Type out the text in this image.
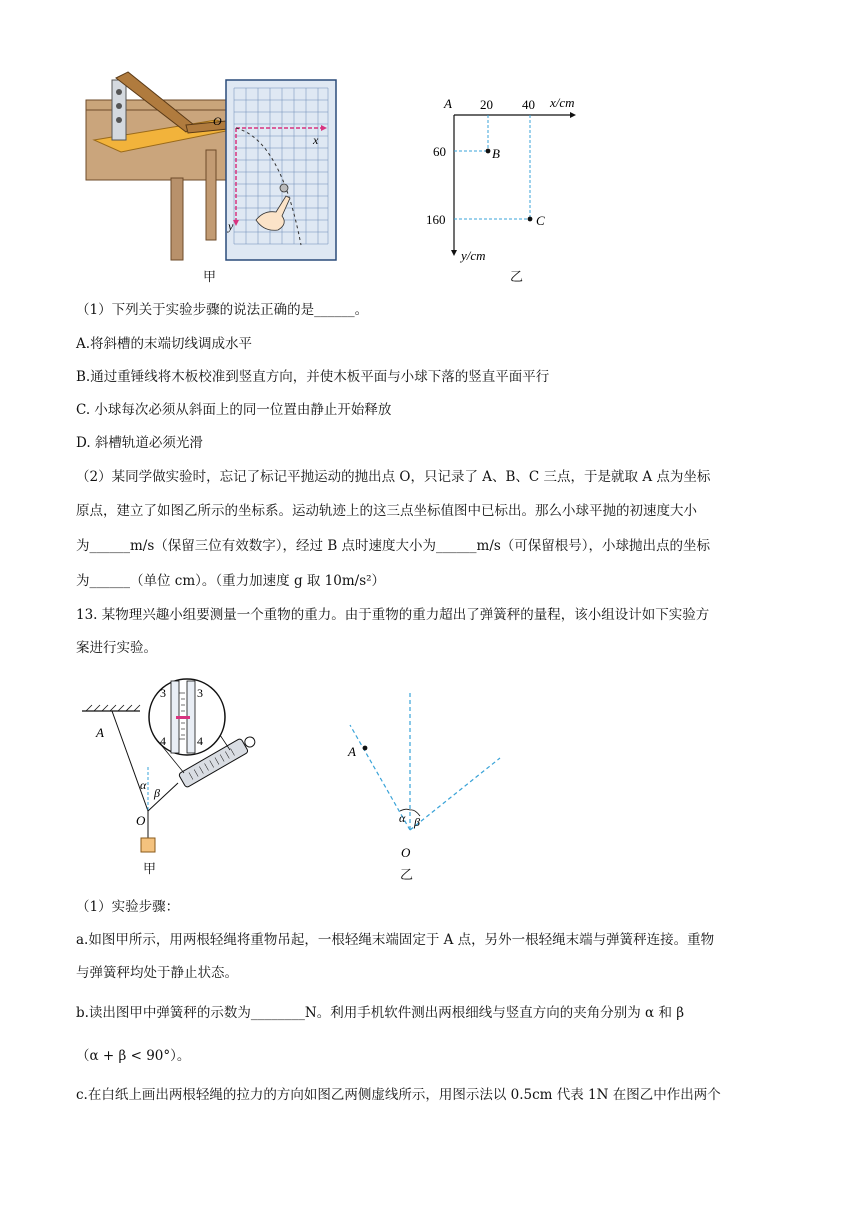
O
x
y
甲
A 20 40 x/cm
60
160
y/cm
B
C
乙
（1）下列关于实验步骤的说法正确的是______。
A.将斜槽的末端切线调成水平
B.通过重锤线将木板校准到竖直方向，并使木板平面与小球下落的竖直平面平行
C. 小球每次必须从斜面上的同一位置由静止开始释放
D. 斜槽轨道必须光滑
（2）某同学做实验时，忘记了标记平抛运动的抛出点 O，只记录了 A、B、C 三点，于是就取 A 点为坐标
原点，建立了如图乙所示的坐标系。运动轨迹上的这三点坐标值图中已标出。那么小球平抛的初速度大小
为______m/s（保留三位有效数字），经过 B 点时速度大小为______m/s（可保留根号），小球抛出点的坐标
为______（单位 cm）。（重力加速度 g 取 10m/s²）
13. 某物理兴趣小组要测量一个重物的重力。由于重物的重力超出了弹簧秤的量程，该小组设计如下实验方
案进行实验。
A
O
α
β
3	3
4	4
甲
A
O
α β
乙
（1）实验步骤：
a.如图甲所示，用两根轻绳将重物吊起，一根轻绳末端固定于 A 点，另外一根轻绳末端与弹簧秤连接。重物
与弹簧秤均处于静止状态。
b.读出图甲中弹簧秤的示数为________N。利用手机软件测出两根细线与竖直方向的夹角分别为 α 和 β
（α + β < 90°）。
c.在白纸上画出两根轻绳的拉力的方向如图乙两侧虚线所示，用图示法以 0.5cm 代表 1N 在图乙中作出两个
